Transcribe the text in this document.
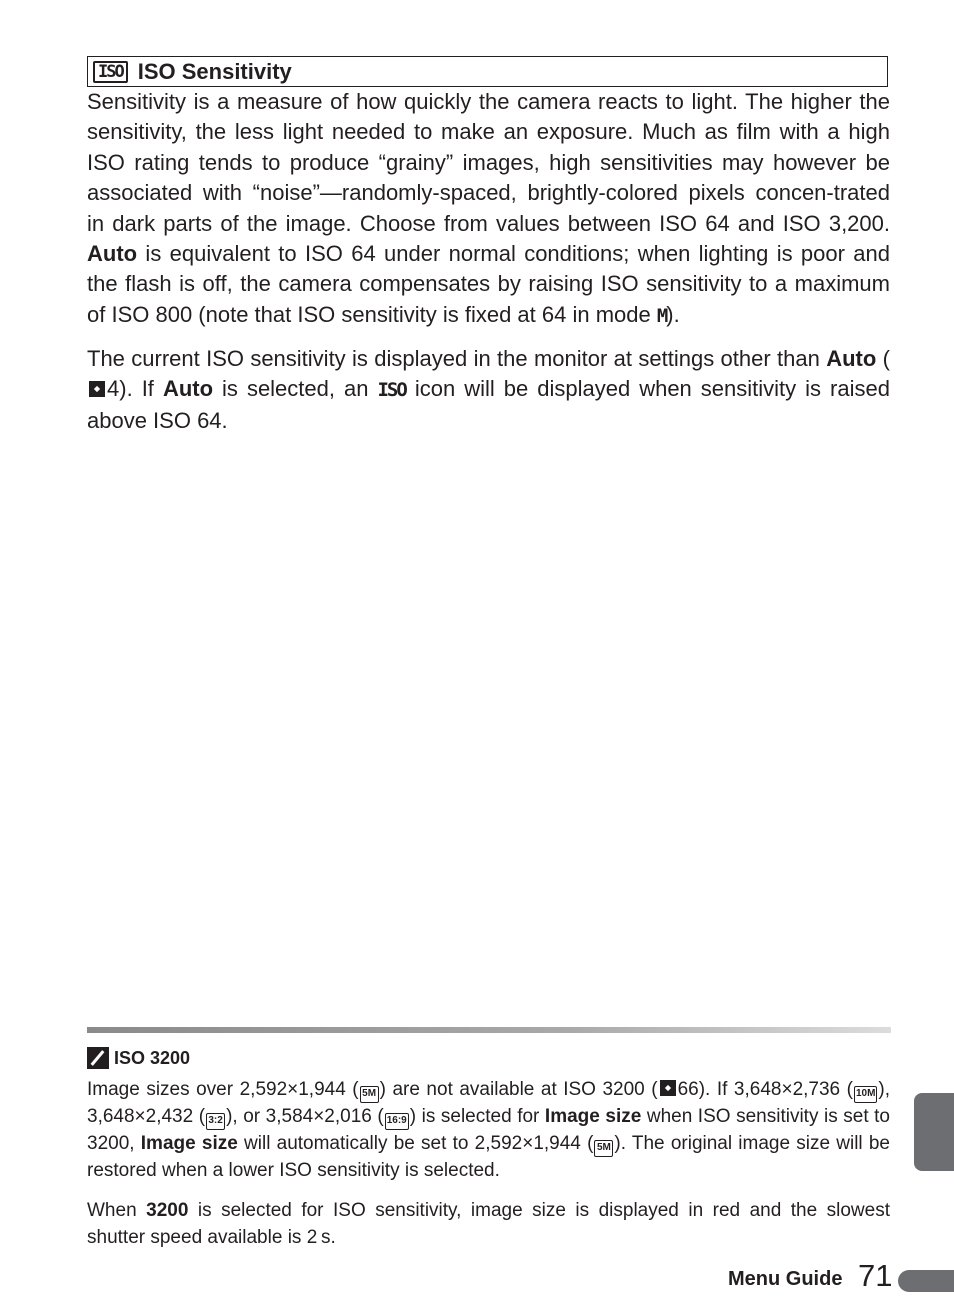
ISO ISO Sensitivity

Sensitivity is a measure of how quickly the camera reacts to light. The higher the sensitivity, the less light needed to make an exposure. Much as film with a high ISO rating tends to produce “grainy” images, high sensitivities may however be associated with “noise”—randomly-spaced, brightly-colored pixels concen-trated in dark parts of the image. Choose from values between ISO 64 and ISO 3,200. Auto is equivalent to ISO 64 under normal conditions; when lighting is poor and the flash is off, the camera compensates by raising ISO sensitivity to a maximum of ISO 800 (note that ISO sensitivity is fixed at 64 in mode M).

The current ISO sensitivity is displayed in the monitor at settings other than Auto (4). If Auto is selected, an ISO icon will be displayed when sensitivity is raised above ISO 64.

ISO 3200

Image sizes over 2,592×1,944 ( 5M ) are not available at ISO 3200 ( 66). If 3,648×2,736 ( 10M ), 3,648×2,432 ( 3:2 ), or 3,584×2,016 ( 16:9 ) is selected for Image size when ISO sensitivity is set to 3200, Image size will automatically be set to 2,592×1,944 ( 5M ). The original image size will be restored when a lower ISO sensitivity is selected.

When 3200 is selected for ISO sensitivity, image size is displayed in red and the slowest shutter speed available is 2 s.

Menu Guide 71
